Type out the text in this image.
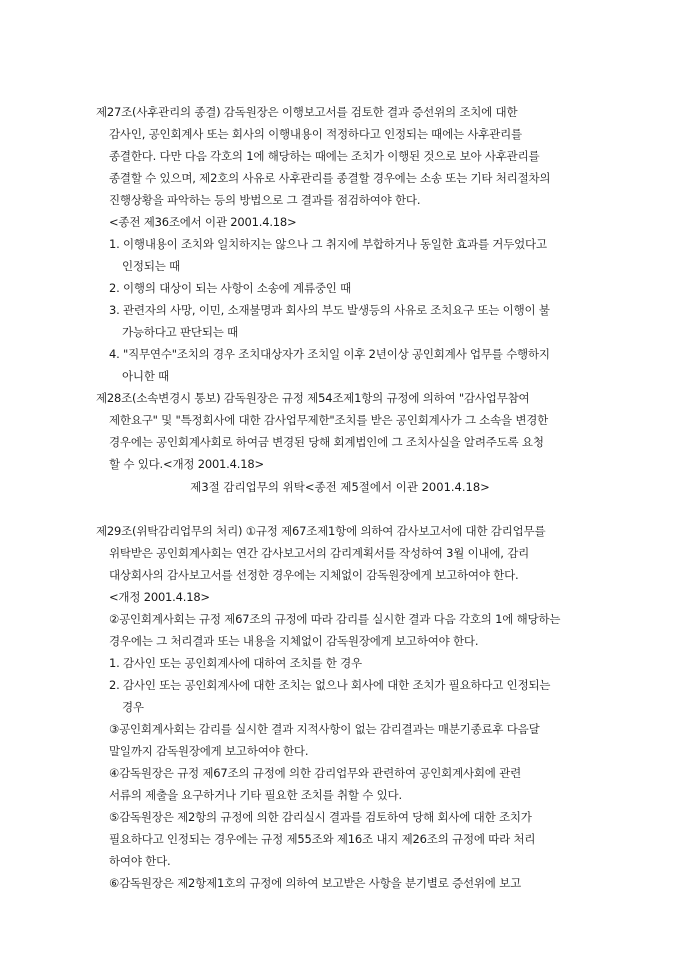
제27조(사후관리의 종결) 감독원장은 이행보고서를 검토한 결과 증선위의 조치에 대한
감사인, 공인회계사 또는 회사의 이행내용이 적정하다고 인정되는 때에는 사후관리를
종결한다. 다만 다음 각호의 1에 해당하는 때에는 조치가 이행된 것으로 보아 사후관리를
종결할 수 있으며, 제2호의 사유로 사후관리를 종결할 경우에는 소송 또는 기타 처리절차의
진행상황을 파악하는 등의 방법으로 그 결과를 점검하여야 한다.
<종전 제36조에서 이관 2001.4.18>
1. 이행내용이 조치와 일치하지는 않으나 그 취지에 부합하거나 동일한 효과를 거두었다고
인정되는 때
2. 이행의 대상이 되는 사항이 소송에 계류중인 때
3. 관련자의 사망, 이민, 소재불명과 회사의 부도 발생등의 사유로 조치요구 또는 이행이 불
가능하다고 판단되는 때
4. "직무연수"조치의 경우 조치대상자가 조치일 이후 2년이상 공인회계사 업무를 수행하지
아니한 때
제28조(소속변경시 통보) 감독원장은 규정 제54조제1항의 규정에 의하여 "감사업무참여
제한요구" 및 "특정회사에 대한 감사업무제한"조치를 받은 공인회계사가 그 소속을 변경한
경우에는 공인회계사회로 하여금 변경된 당해 회계법인에 그 조치사실을 알려주도록 요청
할 수 있다.<개정 2001.4.18>
제3절 감리업무의 위탁<종전 제5절에서 이관 2001.4.18>
제29조(위탁감리업무의 처리) ①규정 제67조제1항에 의하여 감사보고서에 대한 감리업무를
위탁받은 공인회계사회는 연간 감사보고서의 감리계획서를 작성하여 3월 이내에, 감리
대상회사의 감사보고서를 선정한 경우에는 지체없이 감독원장에게 보고하여야 한다.
<개정 2001.4.18>
②공인회계사회는 규정 제67조의 규정에 따라 감리를 실시한 결과 다음 각호의 1에 해당하는
경우에는 그 처리결과 또는 내용을 지체없이 감독원장에게 보고하여야 한다.
1. 감사인 또는 공인회계사에 대하여 조치를 한 경우
2. 감사인 또는 공인회계사에 대한 조치는 없으나 회사에 대한 조치가 필요하다고 인정되는
경우
③공인회계사회는 감리를 실시한 결과 지적사항이 없는 감리결과는 매분기종료후 다음달
말일까지 감독원장에게 보고하여야 한다.
④감독원장은 규정 제67조의 규정에 의한 감리업무와 관련하여 공인회계사회에 관련
서류의 제출을 요구하거나 기타 필요한 조치를 취할 수 있다.
⑤감독원장은 제2항의 규정에 의한 감리실시 결과를 검토하여 당해 회사에 대한 조치가
필요하다고 인정되는 경우에는 규정 제55조와 제16조 내지 제26조의 규정에 따라 처리
하여야 한다.
⑥감독원장은 제2항제1호의 규정에 의하여 보고받은 사항을 분기별로 증선위에 보고
